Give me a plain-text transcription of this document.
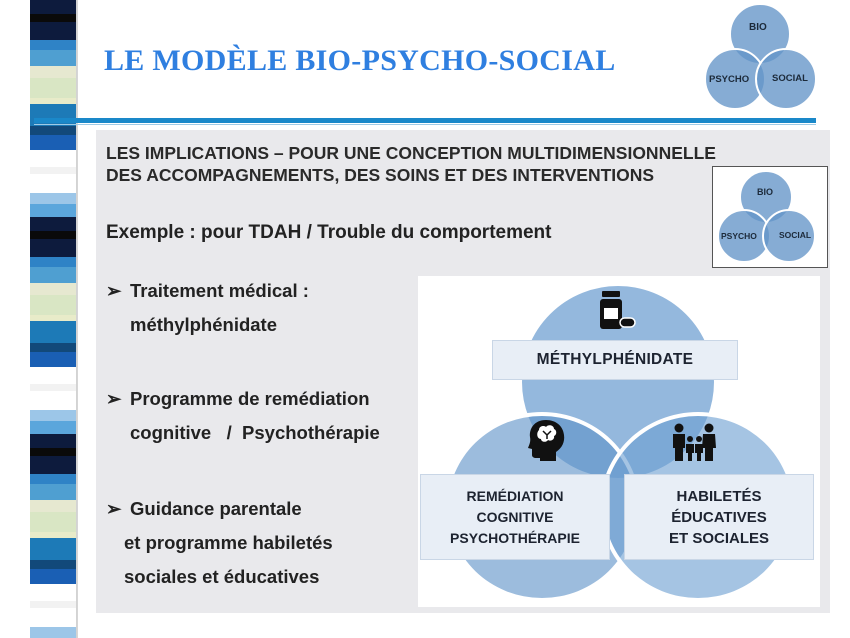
LE MODÈLE BIO-PSYCHO-SOCIAL
BIO
PSYCHO SOCIAL
LES IMPLICATIONS – POUR UNE CONCEPTION MULTIDIMENSIONNELLE
DES ACCOMPAGNEMENTS, DES SOINS ET DES INTERVENTIONS
BIO
PSYCHO	SOCIAL
Exemple : pour TDAH / Trouble du comportement
➢ Traitement médical :
méthylphénidate
➢ Programme de remédiation
cognitive   /  Psychothérapie
➢ Guidance parentale
et programme habiletés
sociales et éducatives
MÉTHYLPHÉNIDATE
REMÉDIATION
COGNITIVE
PSYCHOTHÉRAPIE
HABILETÉS
ÉDUCATIVES
ET SOCIALES
